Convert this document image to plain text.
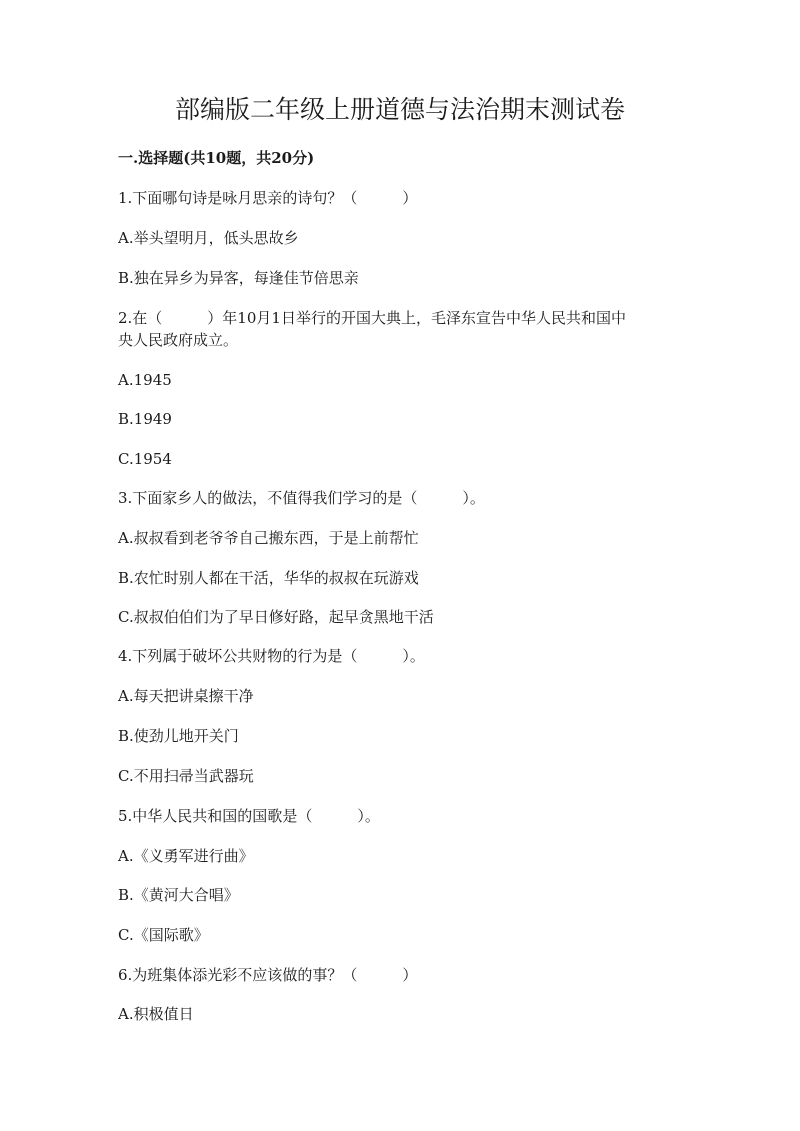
部编版二年级上册道德与法治期末测试卷

一.选择题(共10题，共20分)

1.下面哪句诗是咏月思亲的诗句？（　　　）

A.举头望明月，低头思故乡

B.独在异乡为异客，每逢佳节倍思亲

2.在（　　　）年10月1日举行的开国大典上，毛泽东宣告中华人民共和国中

央人民政府成立。

A.1945

B.1949

C.1954

3.下面家乡人的做法，不值得我们学习的是（　　　）。

A.叔叔看到老爷爷自己搬东西，于是上前帮忙

B.农忙时别人都在干活，华华的叔叔在玩游戏

C.叔叔伯伯们为了早日修好路，起早贪黑地干活

4.下列属于破坏公共财物的行为是（　　　）。

A.每天把讲桌擦干净

B.使劲儿地开关门

C.不用扫帚当武器玩

5.中华人民共和国的国歌是（　　　）。

A.《义勇军进行曲》

B.《黄河大合唱》

C.《国际歌》

6.为班集体添光彩不应该做的事？（　　　）

A.积极值日
